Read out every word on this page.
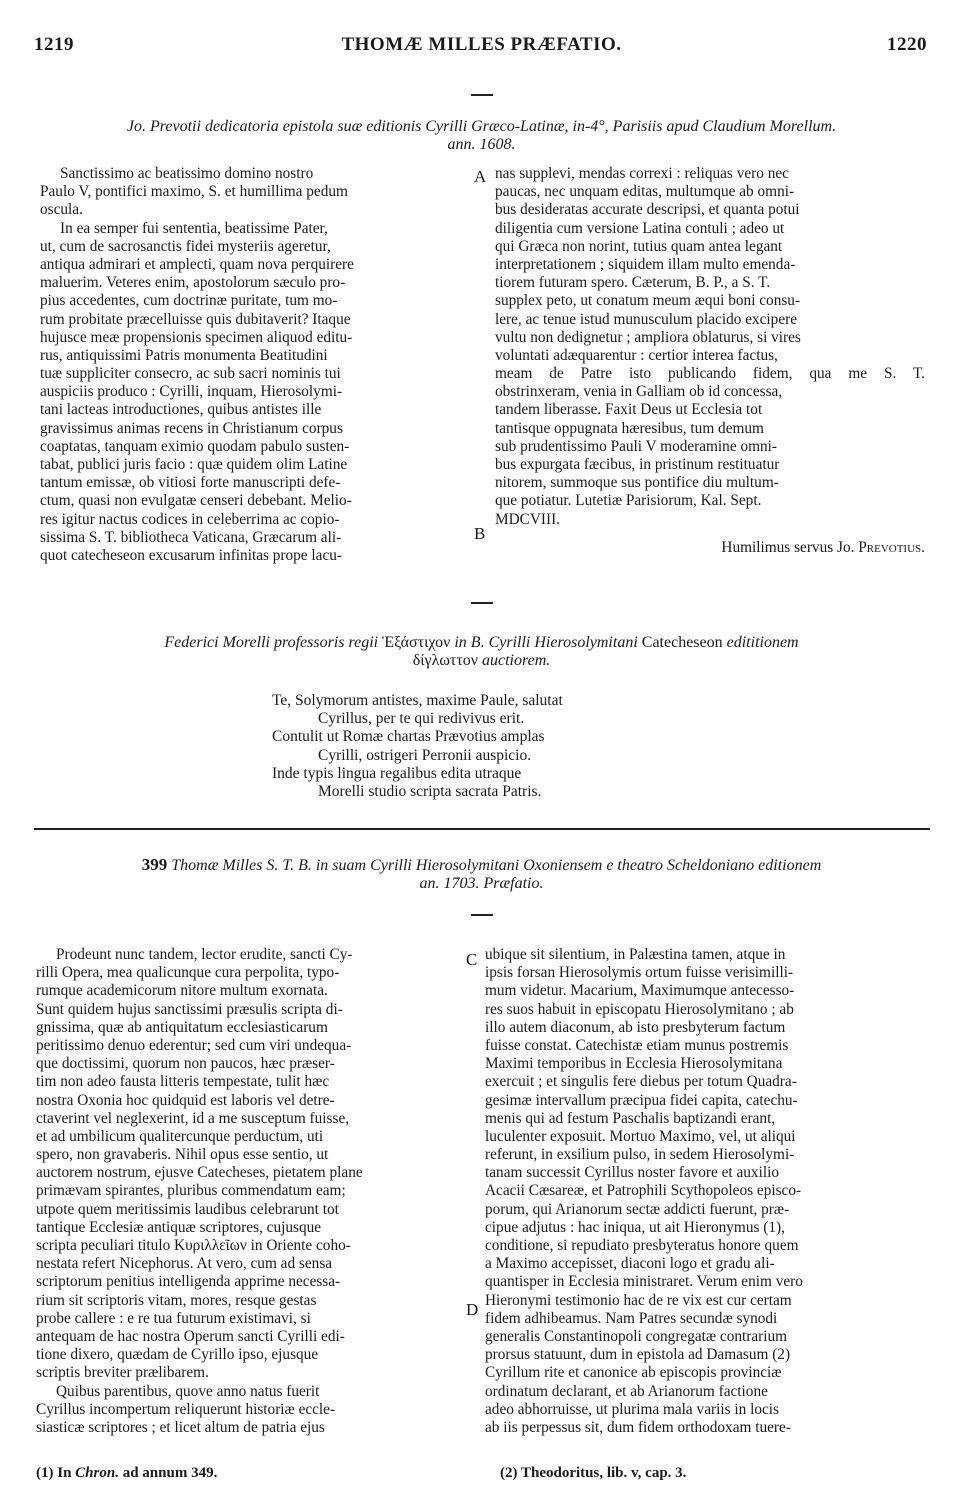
1219	THOMÆ MILLES PRÆFATIO.	1220
Jo. Prevotii dedicatoria epistola suæ editionis Cyrilli Græco-Latinæ, in-4°, Parisiis apud Claudium Morellum.
ann. 1608.
Sanctissimo ac beatissimo domino nostro
Paulo V, pontifici maximo, S. et humillima pedum
oscula.
In ea semper fui sententia, beatissime Pater,
ut, cum de sacrosanctis fidei mysteriis ageretur,
antiqua admirari et amplecti, quam nova perquirere
maluerim. Veteres enim, apostolorum sæculo pro-
pius accedentes, cum doctrinæ puritate, tum mo-
rum probitate præcelluisse quis dubitaverit? Itaque
hujusce meæ propensionis specimen aliquod editu-
rus, antiquissimi Patris monumenta Beatitudini
tuæ suppliciter consecro, ac sub sacri nominis tui
auspiciis produco : Cyrilli, inquam, Hierosolymi-
tani lacteas introductiones, quibus antistes ille
gravissimus animas recens in Christianum corpus
coaptatas, tanquam eximio quodam pabulo susten-
tabat, publici juris facio : quæ quidem olim Latine
tantum emissæ, ob vitiosi forte manuscripti defe-
ctum, quasi non evulgatæ censeri debebant. Melio-
res igitur nactus codices in celeberrima ac copio-
sissima S. T. bibliotheca Vaticana, Græcarum ali-
quot catecheseon excusarum infinitas prope lacu-
nas supplevi, mendas correxi : reliquas vero nec
paucas, nec unquam editas, multumque ab omni-
bus desideratas accurate descripsi, et quanta potui
diligentia cum versione Latina contuli ; adeo ut
qui Græca non norint, tutius quam antea legant
interpretationem ; siquidem illam multo emenda-
tiorem futuram spero. Cæterum, B. P., a S. T.
supplex peto, ut conatum meum æqui boni consu-
lere, ac tenue istud munusculum placido excipere
vultu non dedignetur ; ampliora oblaturus, si vires
voluntati adæquarentur : certior interea factus,
meam de Patre isto publicando fidem, qua me S. T.
obstrinxeram, venia in Galliam ob id concessa,
tandem liberasse. Faxit Deus ut Ecclesia tot
tantisque oppugnata hæresibus, tum demum
sub prudentissimo Pauli V moderamine omni-
bus expurgata fæcibus, in pristinum restituatur
nitorem, summoque sus pontifice diu multum-
que potiatur. Lutetiæ Parisiorum, Kal. Sept.
MDCVIII.
Humilimus servus Jo. Prevotius.
A
B
C
D
Federici Morelli professoris regii Ἑξάστιχον in B. Cyrilli Hierosolymitani Catecheseon edititionem
δίγλωττον auctiorem.
Te, Solymorum antistes, maxime Paule, salutat
Cyrillus, per te qui redivivus erit.
Contulit ut Romæ chartas Prævotius amplas
Cyrilli, ostrigeri Perronii auspicio.
Inde typis lingua regalibus edita utraque
Morelli studio scripta sacrata Patris.
399 Thomæ Milles S. T. B. in suam Cyrilli Hierosolymitani Oxoniensem e theatro Scheldoniano editionem
an. 1703. Præfatio.
Prodeunt nunc tandem, lector erudite, sancti Cy-
rilli Opera, mea qualicunque cura perpolita, typo-
rumque academicorum nitore multum exornata.
Sunt quidem hujus sanctissimi præsulis scripta di-
gnissima, quæ ab antiquitatum ecclesiasticarum
peritissimo denuo ederentur; sed cum viri undequa-
que doctissimi, quorum non paucos, hæc præser-
tim non adeo fausta litteris tempestate, tulit hæc
nostra Oxonia hoc quidquid est laboris vel detre-
ctaverint vel neglexerint, id a me susceptum fuisse,
et ad umbilicum qualitercunque perductum, uti
spero, non gravaberis. Nihil opus esse sentio, ut
auctorem nostrum, ejusve Catecheses, pietatem plane
primævam spirantes, pluribus commendatum eam;
utpote quem meritissimis laudibus celebrarunt tot
tantique Ecclesiæ antiquæ scriptores, cujusque
scripta peculiari titulo Κυριλλεῖων in Oriente coho-
nestata refert Nicephorus. At vero, cum ad sensa
scriptorum penitius intelligenda apprime necessa-
rium sit scriptoris vitam, mores, resque gestas
probe callere : e re tua futurum existimavi, si
antequam de hac nostra Operum sancti Cyrilli edi-
tione dixero, quædam de Cyrillo ipso, ejusque
scriptis breviter prælibarem.
Quibus parentibus, quove anno natus fuerit
Cyrillus incompertum reliquerunt historiæ eccle-
siasticæ scriptores ; et licet altum de patria ejus
ubique sit silentium, in Palæstina tamen, atque in
ipsis forsan Hierosolymis ortum fuisse verisimilli-
mum videtur. Macarium, Maximumque antecesso-
res suos habuit in episcopatu Hierosolymitano ; ab
illo autem diaconum, ab isto presbyterum factum
fuisse constat. Catechistæ etiam munus postremis
Maximi temporibus in Ecclesia Hierosolymitana
exercuit ; et singulis fere diebus per totum Quadra-
gesimæ intervallum præcipua fidei capita, catechu-
menis qui ad festum Paschalis baptizandi erant,
luculenter exposuit. Mortuo Maximo, vel, ut aliqui
referunt, in exsilium pulso, in sedem Hierosolymi-
tanam successit Cyrillus noster favore et auxilio
Acacii Cæsareæ, et Patrophili Scythopoleos episco-
porum, qui Arianorum sectæ addicti fuerunt, præ-
cipue adjutus : hac iniqua, ut ait Hieronymus (1),
conditione, si repudiato presbyteratus honore quem
a Maximo accepisset, diaconi logo et gradu ali-
quantisper in Ecclesia ministraret. Verum enim vero
Hieronymi testimonio hac de re vix est cur certam
fidem adhibeamus. Nam Patres secundæ synodi
generalis Constantinopoli congregatæ contrarium
prorsus statuunt, dum in epistola ad Damasum (2)
Cyrillum rite et canonice ab episcopis provinciæ
ordinatum declarant, et ab Arianorum factione
adeo abhorruisse, ut plurima mala variis in locis
ab iis perpessus sit, dum fidem orthodoxam tuere-
(1) In Chron. ad annum 349.	(2) Theodoritus, lib. v, cap. 3.
